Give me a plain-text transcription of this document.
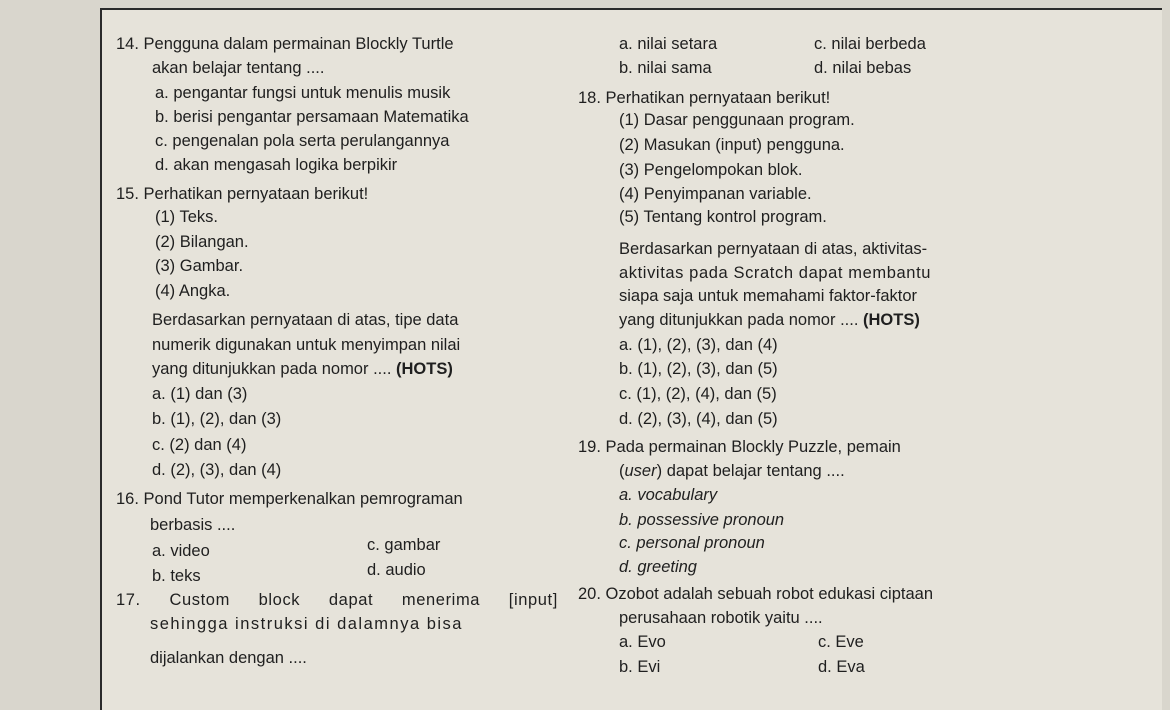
14. Pengguna dalam permainan Blockly Turtle
akan belajar tentang ....
a. pengantar fungsi untuk menulis musik
b. berisi pengantar persamaan Matematika
c. pengenalan pola serta perulangannya
d. akan mengasah logika berpikir
15. Perhatikan pernyataan berikut!
(1) Teks.
(2) Bilangan.
(3) Gambar.
(4) Angka.
Berdasarkan pernyataan di atas, tipe data
numerik digunakan untuk menyimpan nilai
yang ditunjukkan pada nomor .... (HOTS)
a. (1) dan (3)
b. (1), (2), dan (3)
c. (2) dan (4)
d. (2), (3), dan (4)
16. Pond Tutor memperkenalkan pemrograman
berbasis ....
a. video
b. teks
c. gambar
d. audio
17. Custom block dapat menerima [input]
sehingga instruksi di dalamnya bisa
dijalankan dengan ....
a. nilai setara
b. nilai sama
c. nilai berbeda
d. nilai bebas
18. Perhatikan pernyataan berikut!
(1) Dasar penggunaan program.
(2) Masukan (input) pengguna.
(3) Pengelompokan blok.
(4) Penyimpanan variable.
(5) Tentang kontrol program.
Berdasarkan pernyataan di atas, aktivitas-
aktivitas pada Scratch dapat membantu
siapa saja untuk memahami faktor-faktor
yang ditunjukkan pada nomor .... (HOTS)
a. (1), (2), (3), dan (4)
b. (1), (2), (3), dan (5)
c. (1), (2), (4), dan (5)
d. (2), (3), (4), dan (5)
19. Pada permainan Blockly Puzzle, pemain
(user) dapat belajar tentang ....
a. vocabulary
b. possessive pronoun
c. personal pronoun
d. greeting
20. Ozobot adalah sebuah robot edukasi ciptaan
perusahaan robotik yaitu ....
a. Evo
b. Evi
c. Eve
d. Eva
